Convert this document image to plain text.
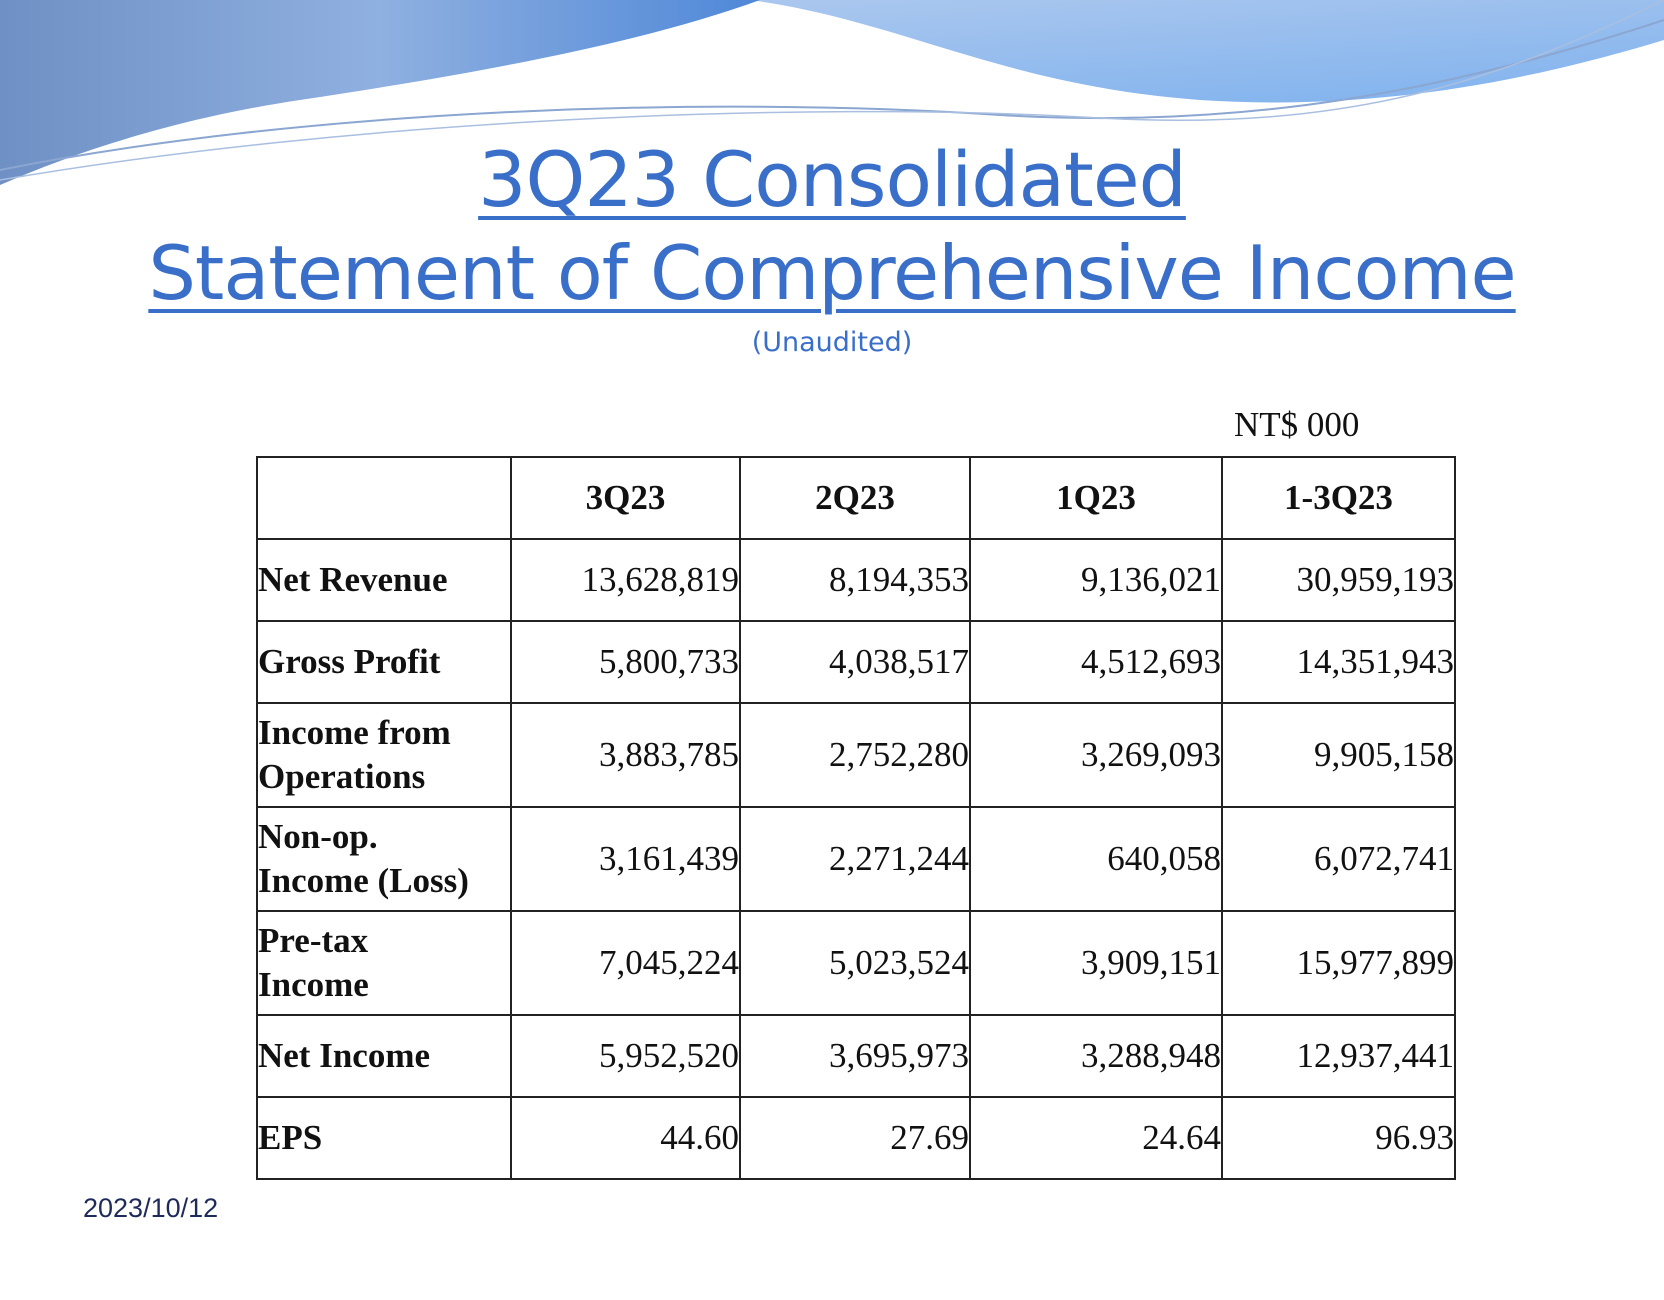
3Q23 Consolidated
Statement of Comprehensive Income
(Unaudited)
NT$ 000
	3Q23	2Q23	1Q23	1-3Q23
Net Revenue	13,628,819	8,194,353	9,136,021	30,959,193
Gross Profit	5,800,733	4,038,517	4,512,693	14,351,943

Income from
Operations	3,883,785	2,752,280	3,269,093	9,905,158

Non-op.
Income (Loss)	3,161,439	2,271,244	640,058	6,072,741

Pre-tax
Income	7,045,224	5,023,524	3,909,151	15,977,899
Net Income	5,952,520	3,695,973	3,288,948	12,937,441
EPS	44.60	27.69	24.64	96.93
2023/10/12
